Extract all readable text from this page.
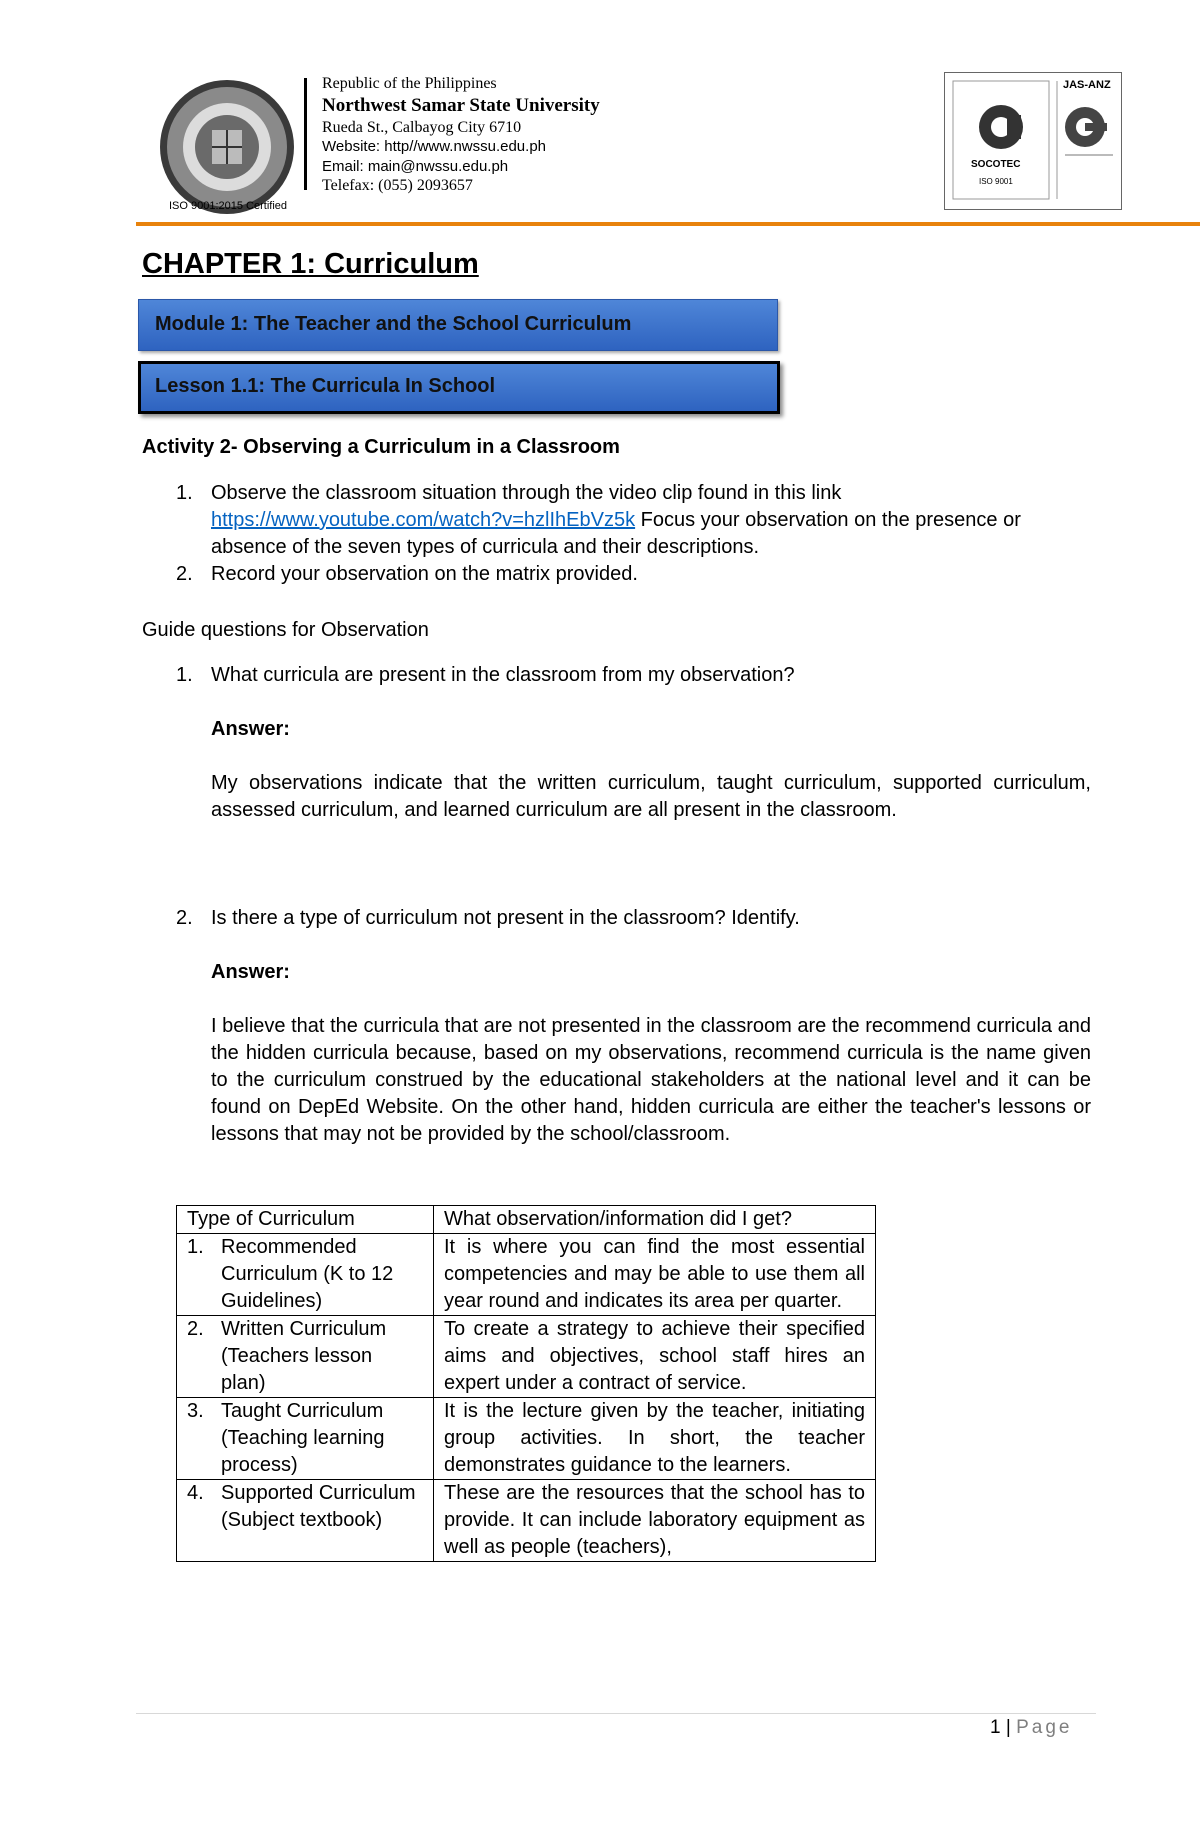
ISO 9001:2015 Certified
Republic of the Philippines
Northwest Samar State University
Rueda St., Calbayog City 6710
Website: http//www.nwssu.edu.ph
Email: main@nwssu.edu.ph
Telefax: (055) 2093657
JAS-ANZ
SOCOTEC
ISO 9001
CHAPTER 1: Curriculum
Module 1: The Teacher and the School Curriculum
Lesson 1.1: The Curricula In School
Activity 2- Observing a Curriculum in a Classroom
1. Observe the classroom situation through the video clip found in this link
https://www.youtube.com/watch?v=hzlIhEbVz5k Focus your observation on the presence or absence of the seven types of curricula and their descriptions.
2. Record your observation on the matrix provided.
Guide questions for Observation
1. What curricula are present in the classroom from my observation?
Answer:
My observations indicate that the written curriculum, taught curriculum, supported curriculum, assessed curriculum, and learned curriculum are all present in the classroom.
2. Is there a type of curriculum not present in the classroom? Identify.
Answer:
I believe that the curricula that are not presented in the classroom are the recommend curricula and the hidden curricula because, based on my observations, recommend curricula is the name given to the curriculum construed by the educational stakeholders at the national level and it can be found on DepEd Website. On the other hand, hidden curricula are either the teacher's lessons or lessons that may not be provided by the school/classroom.
Type of Curriculum	What observation/information did I get?
1. Recommended Curriculum (K to 12 Guidelines)	It is where you can find the most essential competencies and may be able to use them all year round and indicates its area per quarter.
2. Written Curriculum (Teachers lesson plan)	To create a strategy to achieve their specified aims and objectives, school staff hires an expert under a contract of service.
3. Taught Curriculum (Teaching learning process)	It is the lecture given by the teacher, initiating group activities. In short, the teacher demonstrates guidance to the learners.
4. Supported Curriculum (Subject textbook)	These are the resources that the school has to provide. It can include laboratory equipment as well as people (teachers),
1 | Page
